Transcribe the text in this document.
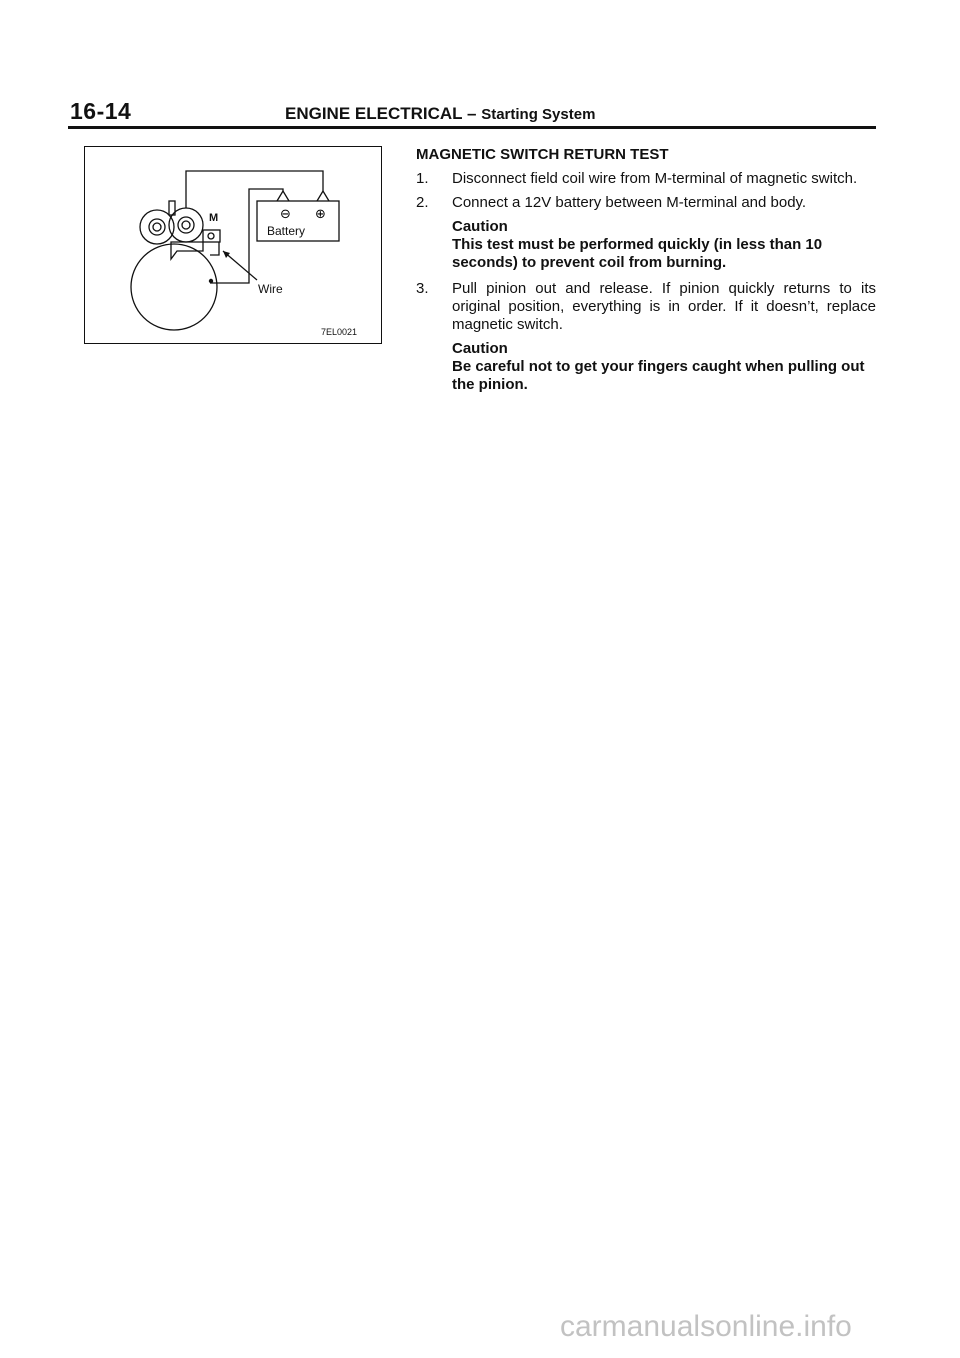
16-14	ENGINE ELECTRICAL – Starting System
⊖ ⊕
M
Battery
Wire
7EL0021
MAGNETIC SWITCH RETURN TEST
1.	Disconnect field coil wire from M-terminal of magnetic switch.
2.	Connect a 12V battery between M-terminal and body.
Caution
This test must be performed quickly (in less than 10 seconds) to prevent coil from burning.
3.	Pull pinion out and release. If pinion quickly returns to its original position, everything is in order. If it doesn’t, replace magnetic switch.
Caution
Be careful not to get your fingers caught when pulling out the pinion.
carmanualsonline.info
